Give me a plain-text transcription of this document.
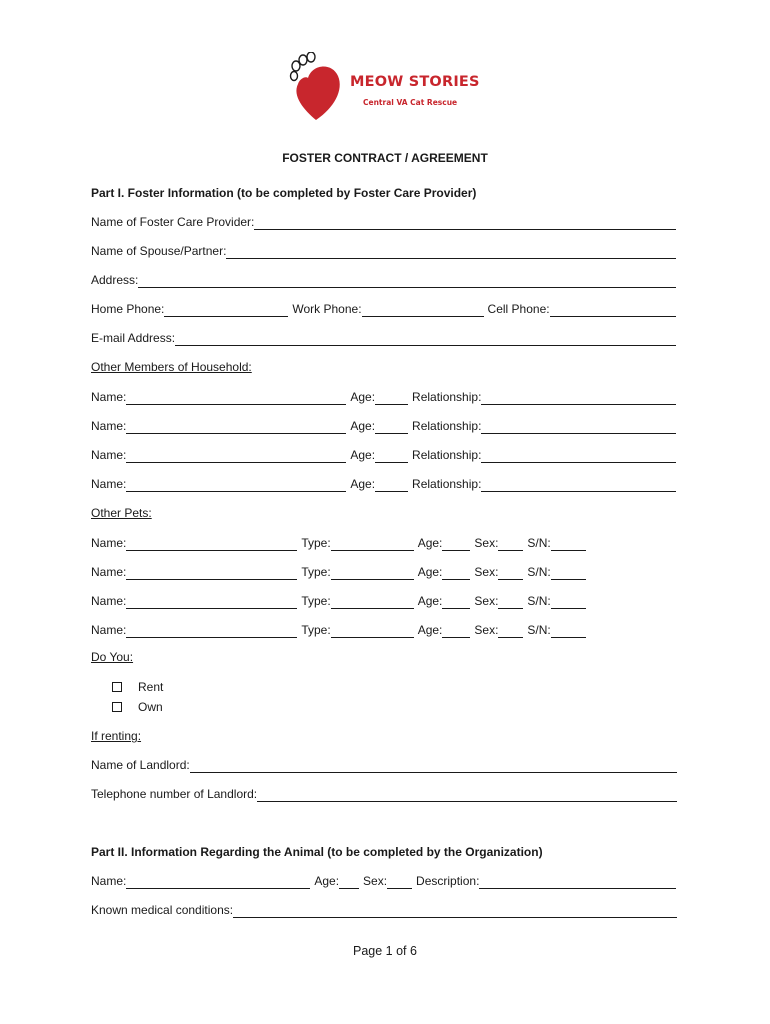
MEOW STORIES
Central VA Cat Rescue
FOSTER CONTRACT / AGREEMENT
Part I. Foster Information (to be completed by Foster Care Provider)
Name of Foster Care Provider:
Name of Spouse/Partner:
Address:
Home Phone:	Work Phone:	Cell Phone:
E-mail Address:
Other Members of Household:
Name:	Age:	Relationship:
Name:	Age:	Relationship:
Name:	Age:	Relationship:
Name:	Age:	Relationship:
Other Pets:
Name:	Type:	Age:	Sex: S/N:
Name:	Type:	Age:	Sex: S/N:
Name:	Type:	Age:	Sex: S/N:
Name:	Type:	Age:	Sex: S/N:
Do You:
Rent
Own
If renting:
Name of Landlord:
Telephone number of Landlord:
Part II. Information Regarding the Animal (to be completed by the Organization)
Name:	Age: Sex: Description:
Known medical conditions:
Page 1 of 6
